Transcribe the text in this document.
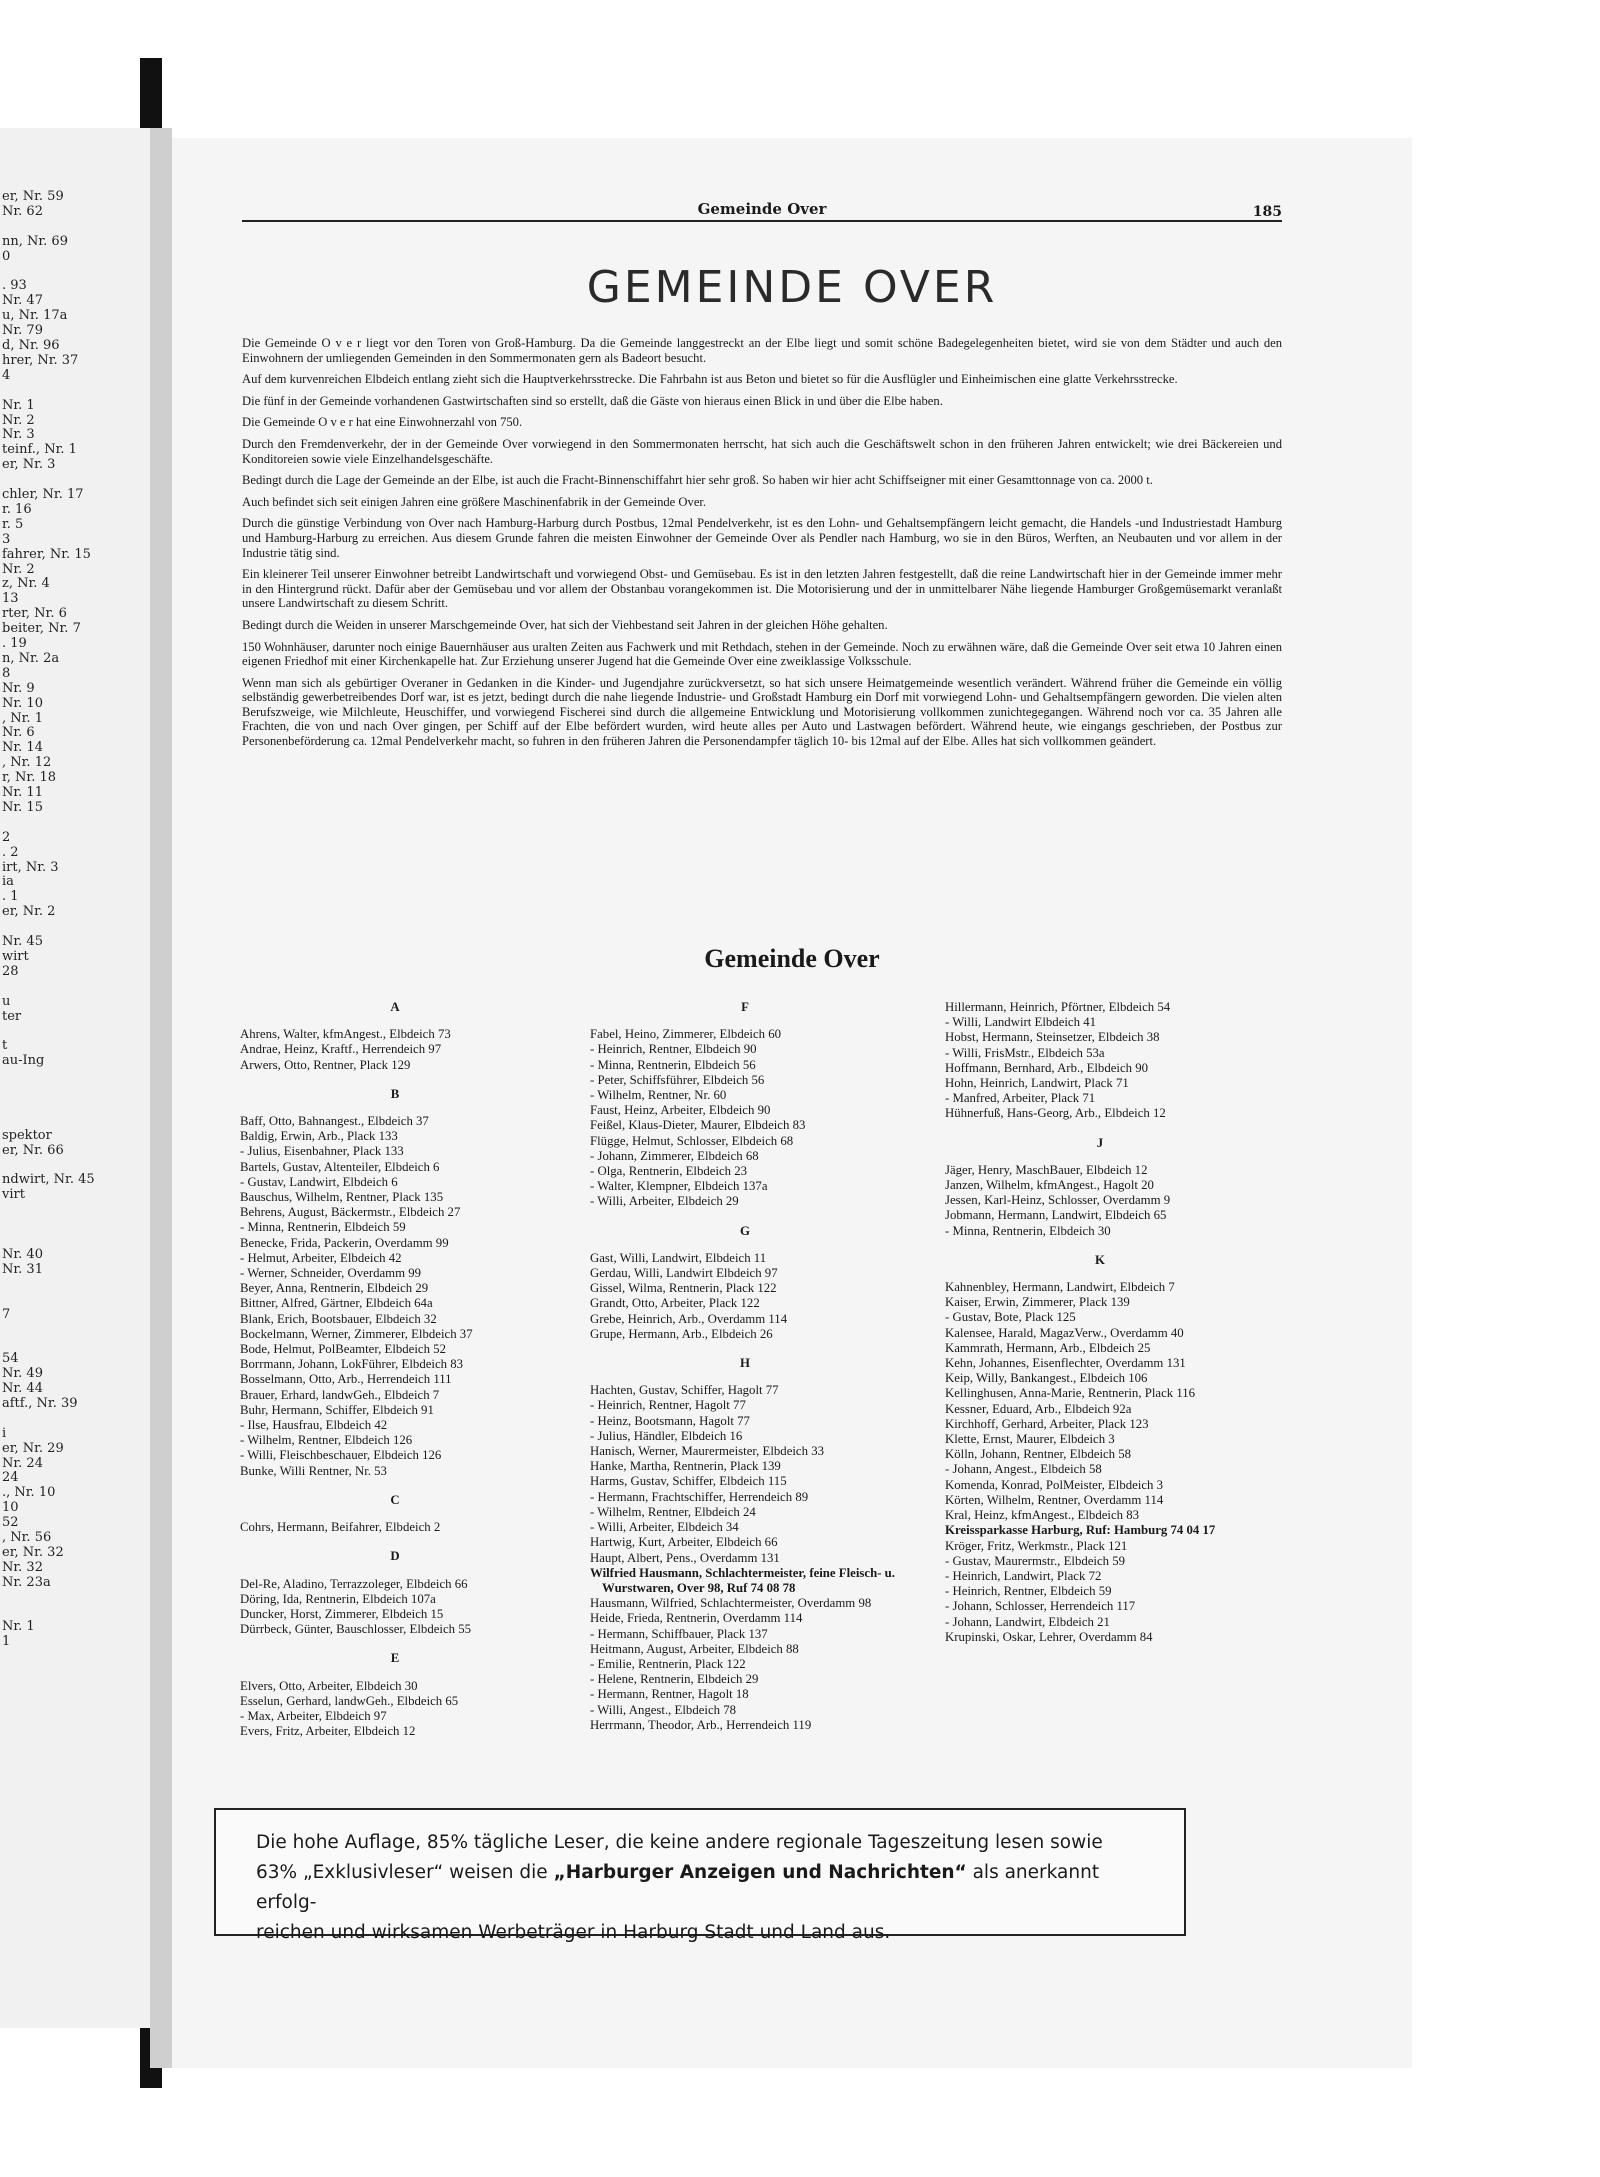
er, Nr. 59
Nr. 62
nn, Nr. 69
0
. 93
Nr. 47
u, Nr. 17a
Nr. 79
d, Nr. 96
hrer, Nr. 37
4
Nr. 1
Nr. 2
Nr. 3
teinf., Nr. 1
er, Nr. 3
chler, Nr. 17
r. 16
r. 5
3
fahrer, Nr. 15
Nr. 2
z, Nr. 4
13
rter, Nr. 6
beiter, Nr. 7
. 19
n, Nr. 2a
8
Nr. 9
Nr. 10
, Nr. 1
Nr. 6
Nr. 14
, Nr. 12
r, Nr. 18
Nr. 11
Nr. 15
2
. 2
irt, Nr. 3
ia
. 1
er, Nr. 2
Nr. 45
wirt
28
u
ter
t
au-Ing
spektor
er, Nr. 66
ndwirt, Nr. 45
virt
Nr. 40
Nr. 31
7
54
Nr. 49
Nr. 44
aftf., Nr. 39
i
er, Nr. 29
Nr. 24
24
., Nr. 10
10
52
, Nr. 56
er, Nr. 32
Nr. 32
Nr. 23a
Nr. 1
1
Gemeinde Over	185
GEMEINDE OVER

Die Gemeinde O v e r liegt vor den Toren von Groß-Hamburg. Da die Gemeinde langgestreckt an der Elbe liegt und somit schöne Badegelegenheiten bietet, wird sie von dem Städter und auch den Einwohnern der umliegenden Gemeinden in den Sommermonaten gern als Badeort besucht.

Auf dem kurvenreichen Elbdeich entlang zieht sich die Hauptverkehrsstrecke. Die Fahrbahn ist aus Beton und bietet so für die Ausflügler und Einheimischen eine glatte Verkehrsstrecke.

Die fünf in der Gemeinde vorhandenen Gastwirtschaften sind so erstellt, daß die Gäste von hieraus einen Blick in und über die Elbe haben.

Die Gemeinde O v e r hat eine Einwohnerzahl von 750.

Durch den Fremdenverkehr, der in der Gemeinde Over vorwiegend in den Sommermonaten herrscht, hat sich auch die Geschäftswelt schon in den früheren Jahren entwickelt; wie drei Bäckereien und Konditoreien sowie viele Einzelhandelsgeschäfte.

Bedingt durch die Lage der Gemeinde an der Elbe, ist auch die Fracht-Binnenschiffahrt hier sehr groß. So haben wir hier acht Schiffseigner mit einer Gesamttonnage von ca. 2000 t.

Auch befindet sich seit einigen Jahren eine größere Maschinenfabrik in der Gemeinde Over.

Durch die günstige Verbindung von Over nach Hamburg-Harburg durch Postbus, 12mal Pendelverkehr, ist es den Lohn- und Gehaltsempfängern leicht gemacht, die Handels -und Industriestadt Hamburg und Hamburg-Harburg zu erreichen. Aus diesem Grunde fahren die meisten Einwohner der Gemeinde Over als Pendler nach Hamburg, wo sie in den Büros, Werften, an Neubauten und vor allem in der Industrie tätig sind.

Ein kleinerer Teil unserer Einwohner betreibt Landwirtschaft und vorwiegend Obst- und Gemüsebau. Es ist in den letzten Jahren festgestellt, daß die reine Landwirtschaft hier in der Gemeinde immer mehr in den Hintergrund rückt. Dafür aber der Gemüsebau und vor allem der Obstanbau vorangekommen ist. Die Motorisierung und der in unmittelbarer Nähe liegende Hamburger Großgemüsemarkt veranlaßt unsere Landwirtschaft zu diesem Schritt.

Bedingt durch die Weiden in unserer Marschgemeinde Over, hat sich der Viehbestand seit Jahren in der gleichen Höhe gehalten.

150 Wohnhäuser, darunter noch einige Bauernhäuser aus uralten Zeiten aus Fachwerk und mit Rethdach, stehen in der Gemeinde. Noch zu erwähnen wäre, daß die Gemeinde Over seit etwa 10 Jahren einen eigenen Friedhof mit einer Kirchenkapelle hat. Zur Erziehung unserer Jugend hat die Gemeinde Over eine zweiklassige Volksschule.

Wenn man sich als gebürtiger Overaner in Gedanken in die Kinder- und Jugendjahre zurückversetzt, so hat sich unsere Heimatgemeinde wesentlich verändert. Während früher die Gemeinde ein völlig selbständig gewerbetreibendes Dorf war, ist es jetzt, bedingt durch die nahe liegende Industrie- und Großstadt Hamburg ein Dorf mit vorwiegend Lohn- und Gehaltsempfängern geworden. Die vielen alten Berufszweige, wie Milchleute, Heuschiffer, und vorwiegend Fischerei sind durch die allgemeine Entwicklung und Motorisierung vollkommen zunichtegegangen. Während noch vor ca. 35 Jahren alle Frachten, die von und nach Over gingen, per Schiff auf der Elbe befördert wurden, wird heute alles per Auto und Lastwagen befördert. Während heute, wie eingangs geschrieben, der Postbus zur Personenbeförderung ca. 12mal Pendelverkehr macht, so fuhren in den früheren Jahren die Personendampfer täglich 10- bis 12mal auf der Elbe. Alles hat sich vollkommen geändert.

Gemeinde Over
A
Ahrens, Walter, kfmAngest., Elbdeich 73
Andrae, Heinz, Kraftf., Herrendeich 97
Arwers, Otto, Rentner, Plack 129
B
Baff, Otto, Bahnangest., Elbdeich 37
Baldig, Erwin, Arb., Plack 133
- Julius, Eisenbahner, Plack 133
Bartels, Gustav, Altenteiler, Elbdeich 6
- Gustav, Landwirt, Elbdeich 6
Bauschus, Wilhelm, Rentner, Plack 135
Behrens, August, Bäckermstr., Elbdeich 27
- Minna, Rentnerin, Elbdeich 59
Benecke, Frida, Packerin, Overdamm 99
- Helmut, Arbeiter, Elbdeich 42
- Werner, Schneider, Overdamm 99
Beyer, Anna, Rentnerin, Elbdeich 29
Bittner, Alfred, Gärtner, Elbdeich 64a
Blank, Erich, Bootsbauer, Elbdeich 32
Bockelmann, Werner, Zimmerer, Elbdeich 37
Bode, Helmut, PolBeamter, Elbdeich 52
Borrmann, Johann, LokFührer, Elbdeich 83
Bosselmann, Otto, Arb., Herrendeich 111
Brauer, Erhard, landwGeh., Elbdeich 7
Buhr, Hermann, Schiffer, Elbdeich 91
- Ilse, Hausfrau, Elbdeich 42
- Wilhelm, Rentner, Elbdeich 126
- Willi, Fleischbeschauer, Elbdeich 126
Bunke, Willi Rentner, Nr. 53
C
Cohrs, Hermann, Beifahrer, Elbdeich 2
D
Del-Re, Aladino, Terrazzoleger, Elbdeich 66
Döring, Ida, Rentnerin, Elbdeich 107a
Duncker, Horst, Zimmerer, Elbdeich 15
Dürrbeck, Günter, Bauschlosser, Elbdeich 55
E
Elvers, Otto, Arbeiter, Elbdeich 30
Esselun, Gerhard, landwGeh., Elbdeich 65
- Max, Arbeiter, Elbdeich 97
Evers, Fritz, Arbeiter, Elbdeich 12
F
Fabel, Heino, Zimmerer, Elbdeich 60
- Heinrich, Rentner, Elbdeich 90
- Minna, Rentnerin, Elbdeich 56
- Peter, Schiffsführer, Elbdeich 56
- Wilhelm, Rentner, Nr. 60
Faust, Heinz, Arbeiter, Elbdeich 90
Feißel, Klaus-Dieter, Maurer, Elbdeich 83
Flügge, Helmut, Schlosser, Elbdeich 68
- Johann, Zimmerer, Elbdeich 68
- Olga, Rentnerin, Elbdeich 23
- Walter, Klempner, Elbdeich 137a
- Willi, Arbeiter, Elbdeich 29
G
Gast, Willi, Landwirt, Elbdeich 11
Gerdau, Willi, Landwirt Elbdeich 97
Gissel, Wilma, Rentnerin, Plack 122
Grandt, Otto, Arbeiter, Plack 122
Grebe, Heinrich, Arb., Overdamm 114
Grupe, Hermann, Arb., Elbdeich 26
H
Hachten, Gustav, Schiffer, Hagolt 77
- Heinrich, Rentner, Hagolt 77
- Heinz, Bootsmann, Hagolt 77
- Julius, Händler, Elbdeich 16
Hanisch, Werner, Maurermeister, Elbdeich 33
Hanke, Martha, Rentnerin, Plack 139
Harms, Gustav, Schiffer, Elbdeich 115
- Hermann, Frachtschiffer, Herrendeich 89
- Wilhelm, Rentner, Elbdeich 24
- Willi, Arbeiter, Elbdeich 34
Hartwig, Kurt, Arbeiter, Elbdeich 66
Haupt, Albert, Pens., Overdamm 131
Wilfried Hausmann, Schlachtermeister, feine Fleisch- u. Wurstwaren, Over 98, Ruf 74 08 78
Hausmann, Wilfried, Schlachtermeister, Overdamm 98
Heide, Frieda, Rentnerin, Overdamm 114
- Hermann, Schiffbauer, Plack 137
Heitmann, August, Arbeiter, Elbdeich 88
- Emilie, Rentnerin, Plack 122
- Helene, Rentnerin, Elbdeich 29
- Hermann, Rentner, Hagolt 18
- Willi, Angest., Elbdeich 78
Herrmann, Theodor, Arb., Herrendeich 119
Hillermann, Heinrich, Pförtner, Elbdeich 54
- Willi, Landwirt Elbdeich 41
Hobst, Hermann, Steinsetzer, Elbdeich 38
- Willi, FrisMstr., Elbdeich 53a
Hoffmann, Bernhard, Arb., Elbdeich 90
Hohn, Heinrich, Landwirt, Plack 71
- Manfred, Arbeiter, Plack 71
Hühnerfuß, Hans-Georg, Arb., Elbdeich 12
J
Jäger, Henry, MaschBauer, Elbdeich 12
Janzen, Wilhelm, kfmAngest., Hagolt 20
Jessen, Karl-Heinz, Schlosser, Overdamm 9
Jobmann, Hermann, Landwirt, Elbdeich 65
- Minna, Rentnerin, Elbdeich 30
K
Kahnenbley, Hermann, Landwirt, Elbdeich 7
Kaiser, Erwin, Zimmerer, Plack 139
- Gustav, Bote, Plack 125
Kalensee, Harald, MagazVerw., Overdamm 40
Kammrath, Hermann, Arb., Elbdeich 25
Kehn, Johannes, Eisenflechter, Overdamm 131
Keip, Willy, Bankangest., Elbdeich 106
Kellinghusen, Anna-Marie, Rentnerin, Plack 116
Kessner, Eduard, Arb., Elbdeich 92a
Kirchhoff, Gerhard, Arbeiter, Plack 123
Klette, Ernst, Maurer, Elbdeich 3
Kölln, Johann, Rentner, Elbdeich 58
- Johann, Angest., Elbdeich 58
Komenda, Konrad, PolMeister, Elbdeich 3
Körten, Wilhelm, Rentner, Overdamm 114
Kral, Heinz, kfmAngest., Elbdeich 83
Kreissparkasse Harburg, Ruf: Hamburg 74 04 17
Kröger, Fritz, Werkmstr., Plack 121
- Gustav, Maurermstr., Elbdeich 59
- Heinrich, Landwirt, Plack 72
- Heinrich, Rentner, Elbdeich 59
- Johann, Schlosser, Herrendeich 117
- Johann, Landwirt, Elbdeich 21
Krupinski, Oskar, Lehrer, Overdamm 84
Die hohe Auflage, 85% tägliche Leser, die keine andere regionale Tageszeitung lesen sowie
63% „Exklusivleser“ weisen die „Harburger Anzeigen und Nachrichten“ als anerkannt erfolg-
reichen und wirksamen Werbeträger in Harburg Stadt und Land aus.
